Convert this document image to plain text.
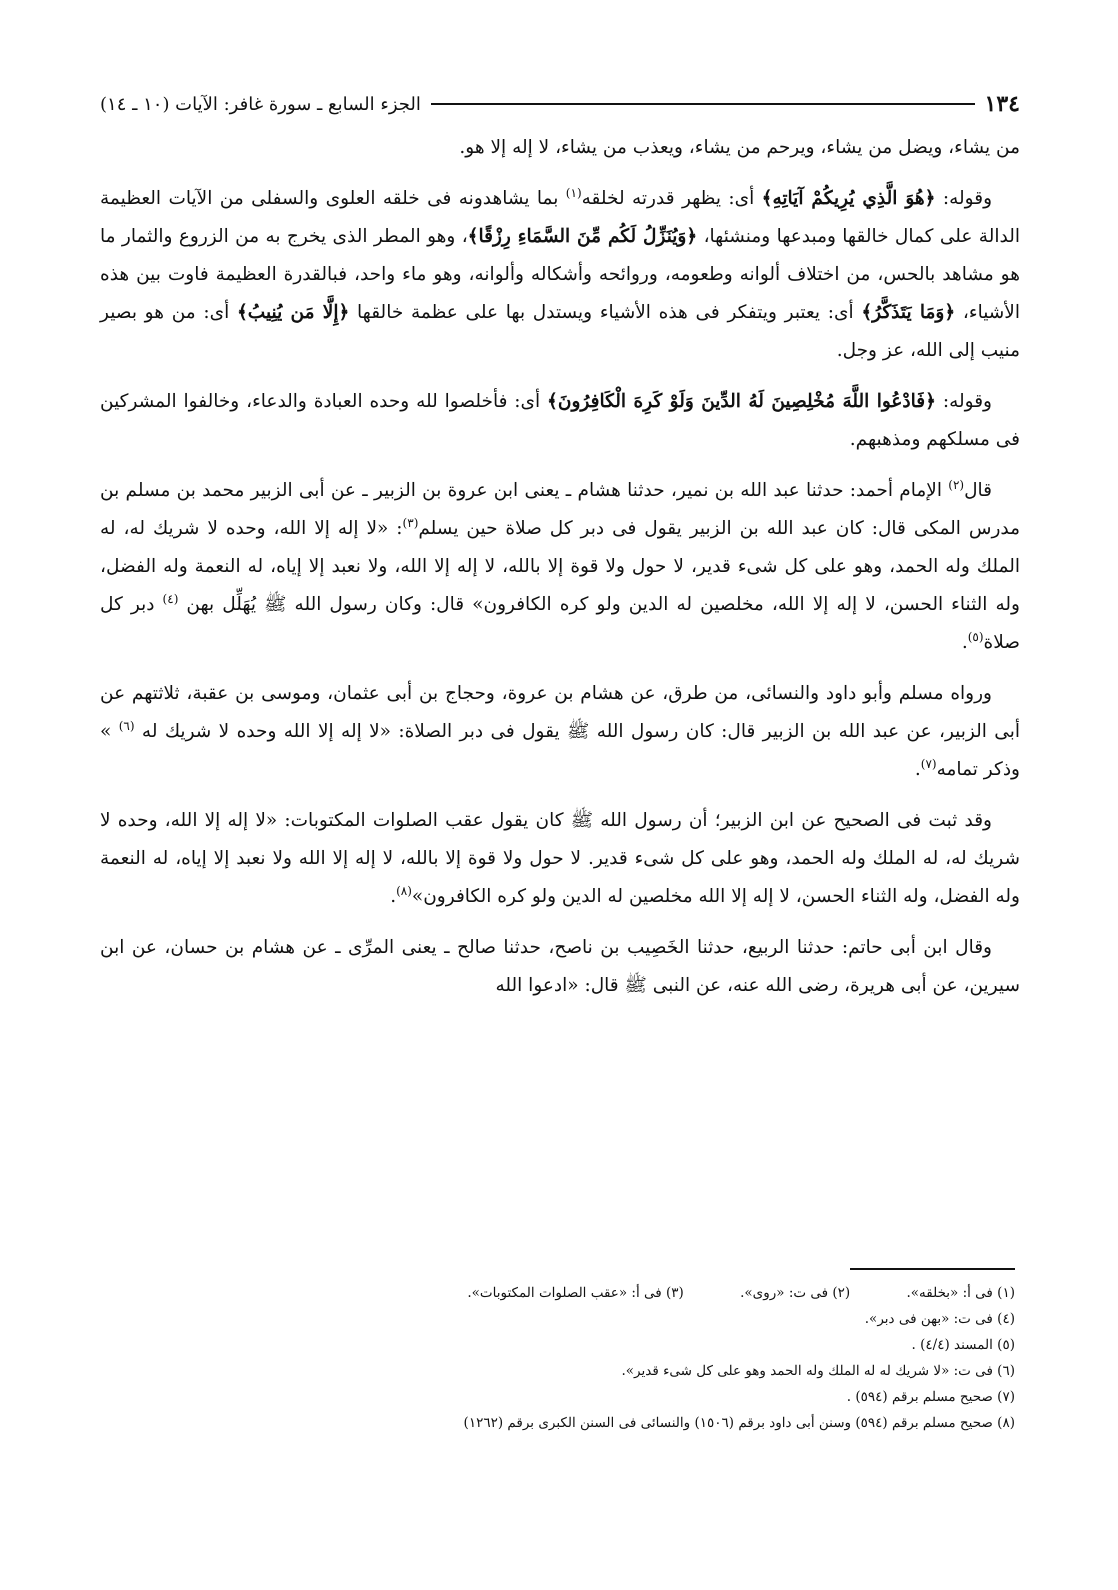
١٣٤
الجزء السابع ـ سورة غافر: الآيات (١٠ ـ ١٤)

من يشاء، ويضل من يشاء، ويرحم من يشاء، ويعذب من يشاء، لا إله إلا هو.

وقوله: ﴿هُوَ الَّذِي يُرِيكُمْ آيَاتِهِ﴾ أى: يظهر قدرته لخلقه$^{(١)}$ بما يشاهدونه فى خلقه العلوى والسفلى من الآيات العظيمة الدالة على كمال خالقها ومبدعها ومنشئها، ﴿وَيُنَزِّلُ لَكُم مِّنَ السَّمَاءِ رِزْقًا﴾، وهو المطر الذى يخرج به من الزروع والثمار ما هو مشاهد بالحس، من اختلاف ألوانه وطعومه، وروائحه وأشكاله وألوانه، وهو ماء واحد، فبالقدرة العظيمة فاوت بين هذه الأشياء، ﴿وَمَا يَتَذَكَّرُ﴾ أى: يعتبر ويتفكر فى هذه الأشياء ويستدل بها على عظمة خالقها ﴿إِلَّا مَن يُنِيبُ﴾ أى: من هو بصير منيب إلى الله، عز وجل.

وقوله: ﴿فَادْعُوا اللَّهَ مُخْلِصِينَ لَهُ الدِّينَ وَلَوْ كَرِهَ الْكَافِرُونَ﴾ أى: فأخلصوا لله وحده العبادة والدعاء، وخالفوا المشركين فى مسلكهم ومذهبهم.

قال$^{(٢)}$ الإمام أحمد: حدثنا عبد الله بن نمير، حدثنا هشام ـ يعنى ابن عروة بن الزبير ـ عن أبى الزبير محمد بن مسلم بن مدرس المكى قال: كان عبد الله بن الزبير يقول فى دبر كل صلاة حين يسلم$^{(٣)}$: «لا إله إلا الله، وحده لا شريك له، له الملك وله الحمد، وهو على كل شىء قدير، لا حول ولا قوة إلا بالله، لا إله إلا الله، ولا نعبد إلا إياه، له النعمة وله الفضل، وله الثناء الحسن، لا إله إلا الله، مخلصين له الدين ولو كره الكافرون» قال: وكان رسول الله ﷺ يُهَلِّل بهن $^{(٤)}$ دبر كل صلاة$^{(٥)}$.

ورواه مسلم وأبو داود والنسائى، من طرق، عن هشام بن عروة، وحجاج بن أبى عثمان، وموسى بن عقبة، ثلاثتهم عن أبى الزبير، عن عبد الله بن الزبير قال: كان رسول الله ﷺ يقول فى دبر الصلاة: «لا إله إلا الله وحده لا شريك له $^{(٦)}$ » وذكر تمامه$^{(٧)}$.

وقد ثبت فى الصحيح عن ابن الزبير؛ أن رسول الله ﷺ كان يقول عقب الصلوات المكتوبات: «لا إله إلا الله، وحده لا شريك له، له الملك وله الحمد، وهو على كل شىء قدير. لا حول ولا قوة إلا بالله، لا إله إلا الله ولا نعبد إلا إياه، له النعمة وله الفضل، وله الثناء الحسن، لا إله إلا الله مخلصين له الدين ولو كره الكافرون»$^{(٨)}$.

وقال ابن أبى حاتم: حدثنا الربيع، حدثنا الخَصِيب بن ناصح، حدثنا صالح ـ يعنى المرِّى ـ عن هشام بن حسان، عن ابن سيرين، عن أبى هريرة، رضى الله عنه، عن النبى ﷺ قال: «ادعوا الله

(١) فى أ: «بخلقه». (٢) فى ت: «روى». (٣) فى أ: «عقب الصلوات المكتوبات».
(٤) فى ت: «بهن فى دبر».
(٥) المسند (٤/٤) .
(٦) فى ت: «لا شريك له له الملك وله الحمد وهو على كل شىء قدير».
(٧) صحيح مسلم برقم (٥٩٤) .
(٨) صحيح مسلم برقم (٥٩٤) وسنن أبى داود برقم (١٥٠٦) والنسائى فى السنن الكبرى برقم (١٢٦٢)
